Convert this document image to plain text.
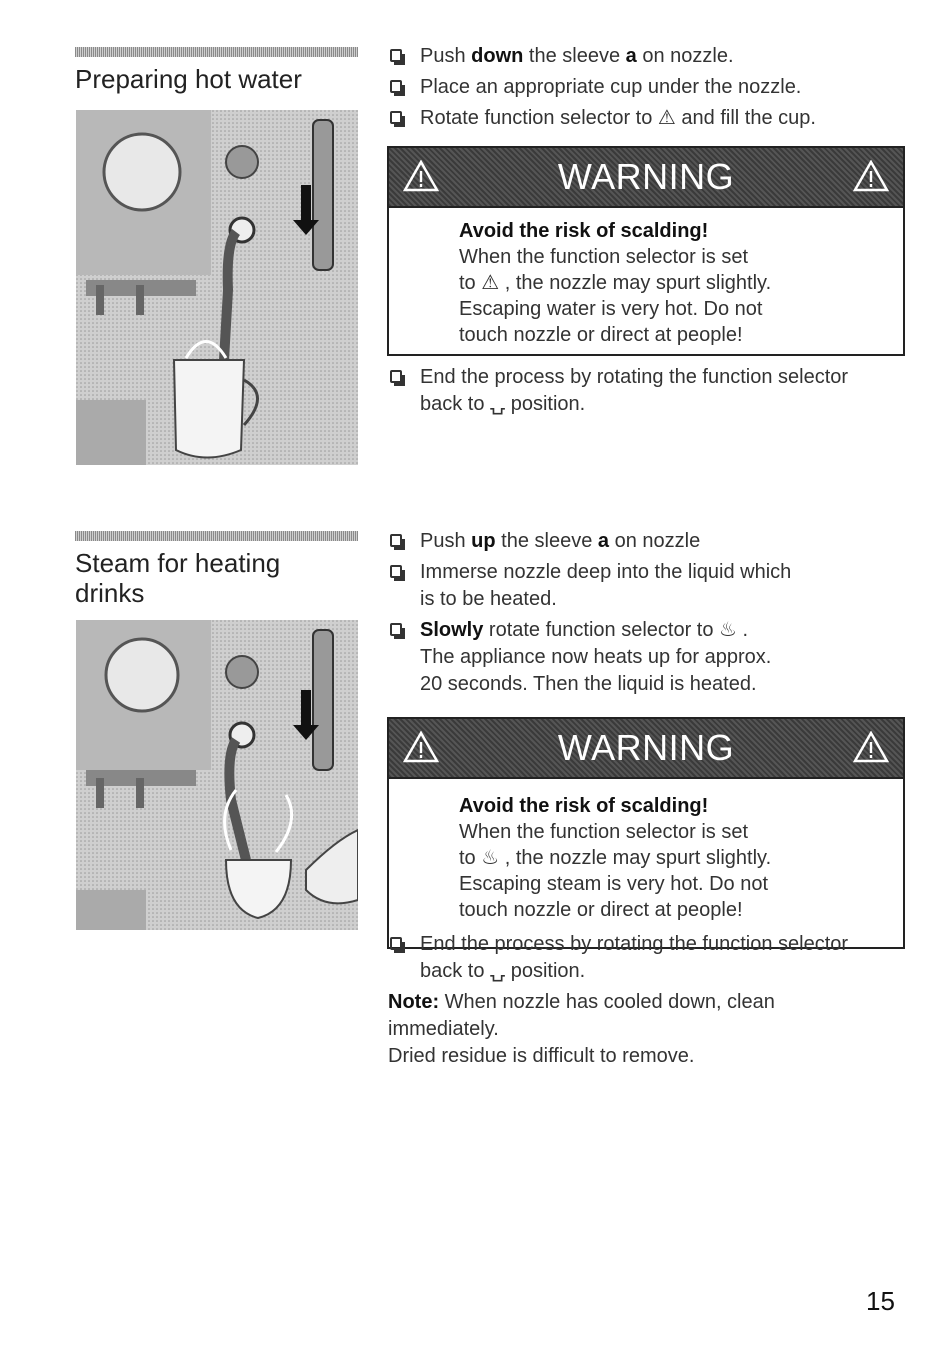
Preparing hot water
Push down the sleeve a on nozzle.
Place an appropriate cup under the nozzle.
Rotate function selector to ⚠ and fill the cup.
WARNING
Avoid the risk of scalding!
When the function selector is set
to ⚠ , the nozzle may spurt slightly.
Escaping water is very hot. Do not
touch nozzle or direct at people!
End the process by rotating the function selector
back to ⍽ position.
Steam for heating
drinks
Push up the sleeve a on nozzle
Immerse nozzle deep into the liquid which
is to be heated.
Slowly rotate function selector to ♨ .
The appliance now heats up for approx.
20 seconds. Then the liquid is heated.
WARNING
Avoid the risk of scalding!
When the function selector is set
to ♨ , the nozzle may spurt slightly.
Escaping steam is very hot. Do not
touch nozzle or direct at people!
End the process by rotating the function selector
back to ⍽ position.
Note: When nozzle has cooled down, clean
immediately.
Dried residue is difficult to remove.
15
